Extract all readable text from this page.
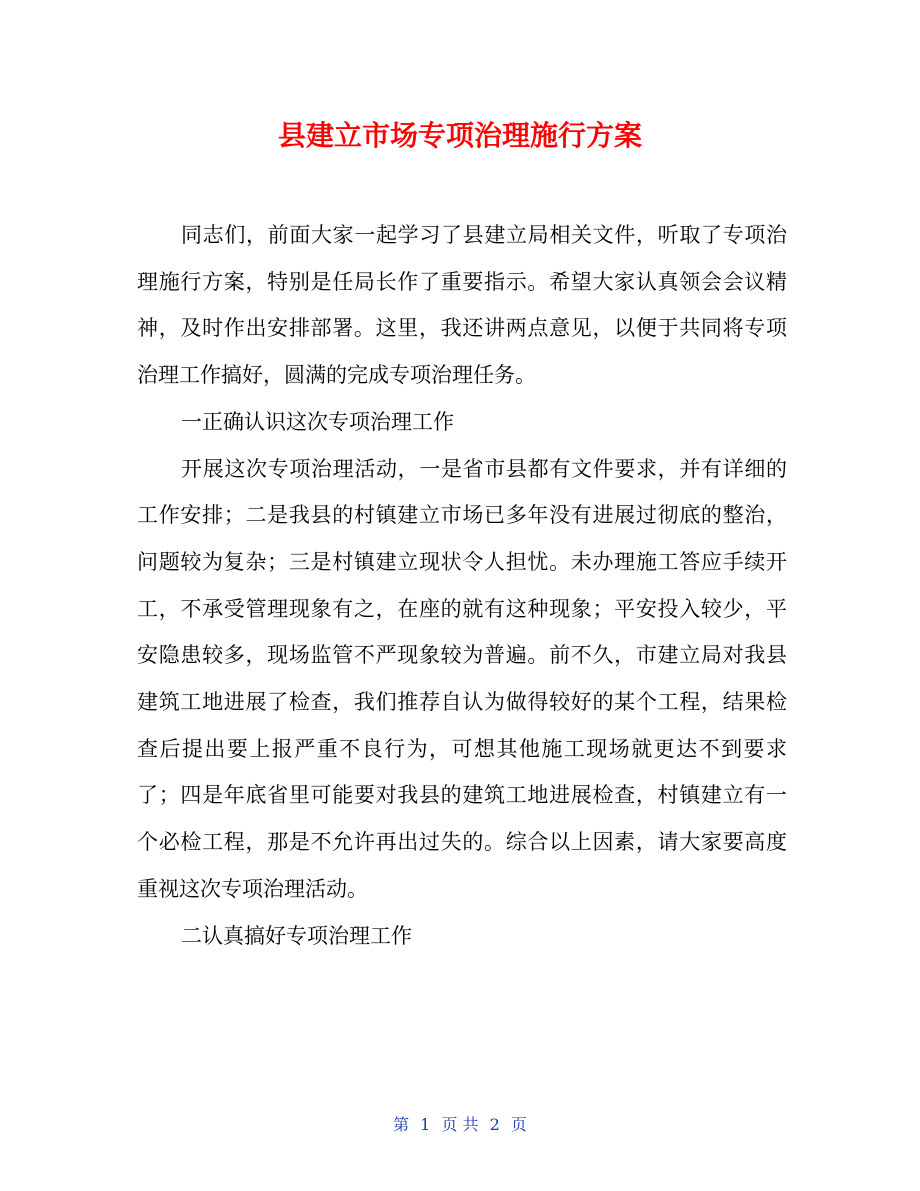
县建立市场专项治理施行方案

同志们，前面大家一起学习了县建立局相关文件，听取了专项治理施行方案，特别是任局长作了重要指示。希望大家认真领会会议精神，及时作出安排部署。这里，我还讲两点意见，以便于共同将专项治理工作搞好，圆满的完成专项治理任务。

一正确认识这次专项治理工作

开展这次专项治理活动，一是省市县都有文件要求，并有详细的工作安排；二是我县的村镇建立市场已多年没有进展过彻底的整治，问题较为复杂；三是村镇建立现状令人担忧。未办理施工答应手续开工，不承受管理现象有之，在座的就有这种现象；平安投入较少，平安隐患较多，现场监管不严现象较为普遍。前不久，市建立局对我县建筑工地进展了检查，我们推荐自认为做得较好的某个工程，结果检查后提出要上报严重不良行为，可想其他施工现场就更达不到要求了；四是年底省里可能要对我县的建筑工地进展检查，村镇建立有一个必检工程，那是不允许再出过失的。综合以上因素，请大家要高度重视这次专项治理活动。

二认真搞好专项治理工作

第 1 页 共 2 页
